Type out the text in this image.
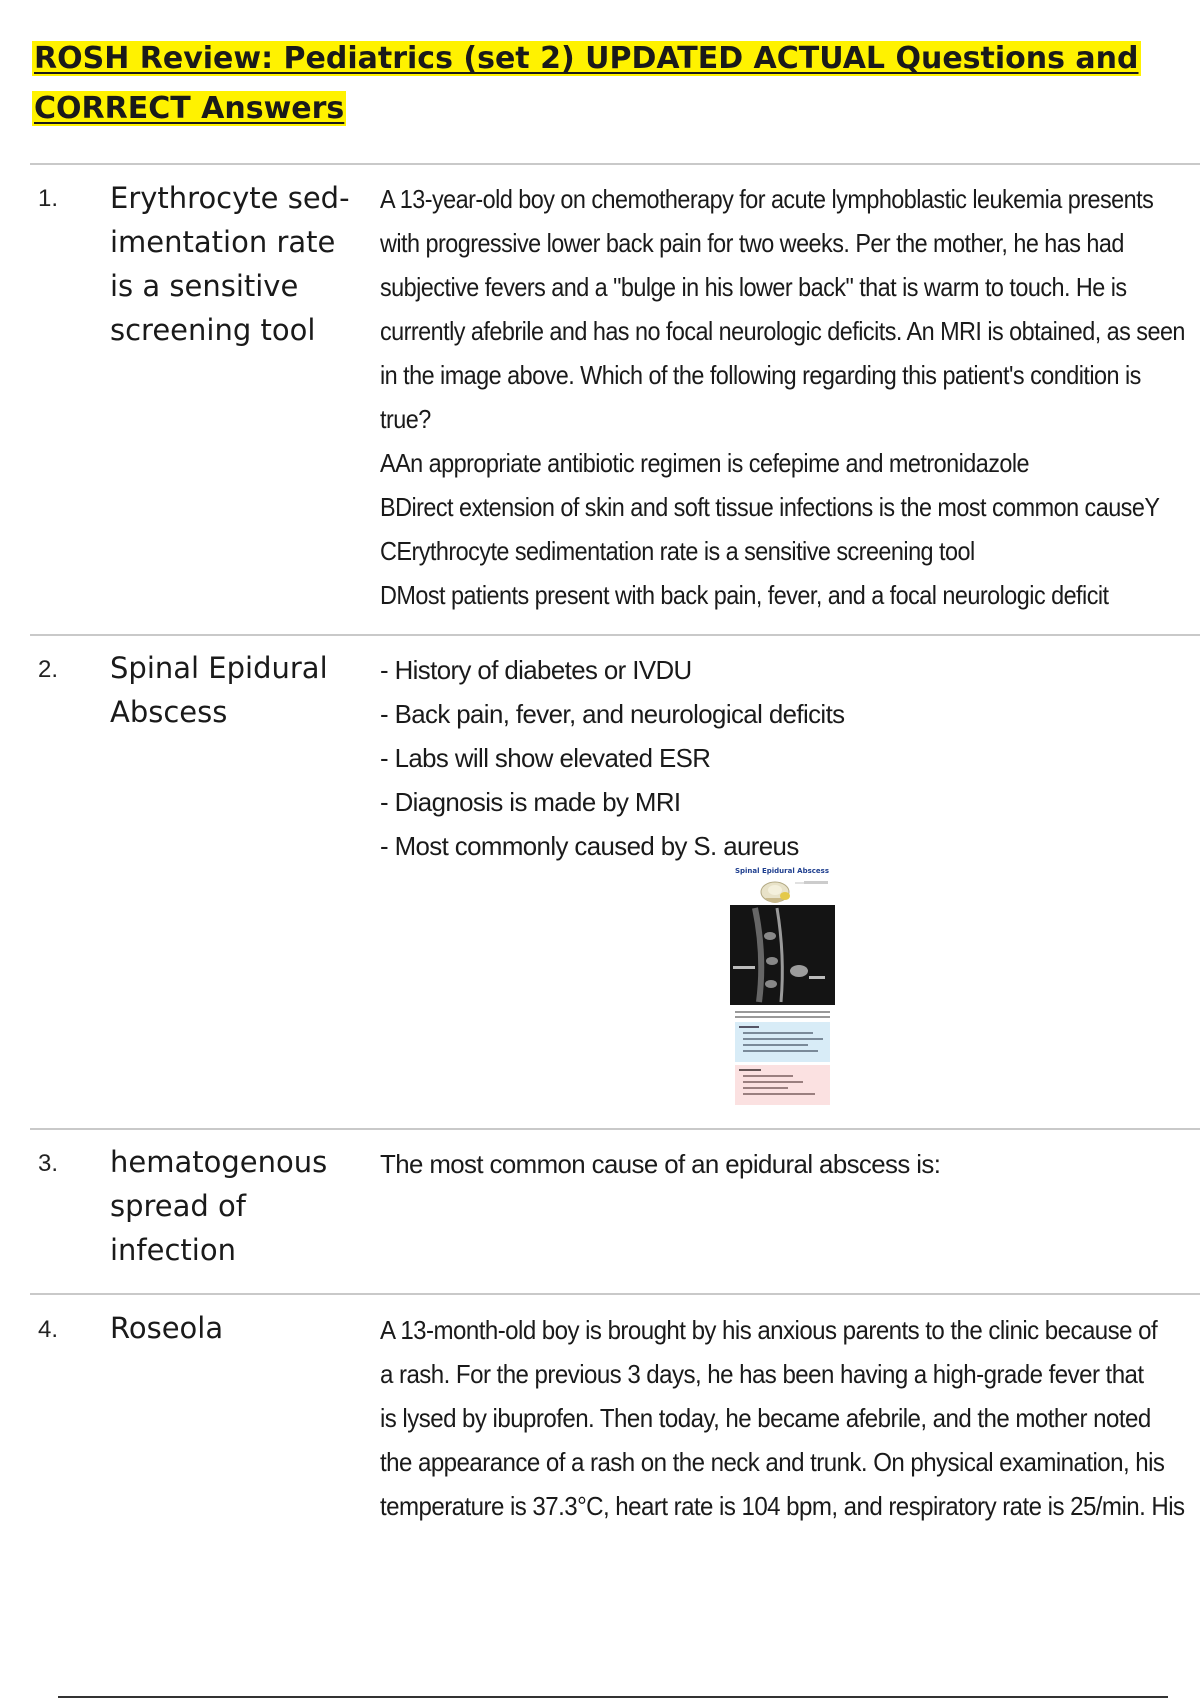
ROSH Review: Pediatrics (set 2) UPDATED ACTUAL Questions and CORRECT Answers
1. Erythrocyte sed-
imentation rate
is a sensitive
screening tool
A 13-year-old boy on chemotherapy for acute lymphoblastic leukemia presents
with progressive lower back pain for two weeks. Per the mother, he has had
subjective fevers and a "bulge in his lower back" that is warm to touch. He is
currently afebrile and has no focal neurologic deficits. An MRI is obtained, as seen
in the image above. Which of the following regarding this patient's condition is
true?
AAn appropriate antibiotic regimen is cefepime and metronidazole
BDirect extension of skin and soft tissue infections is the most common causeY
CErythrocyte sedimentation rate is a sensitive screening tool
DMost patients present with back pain, fever, and a focal neurologic deficit
2. Spinal Epidural
Abscess
- History of diabetes or IVDU
- Back pain, fever, and neurological deficits
- Labs will show elevated ESR
- Diagnosis is made by MRI
- Most commonly caused by S. aureus
Spinal Epidural Abscess
3. hematogenous
spread of
infection
The most common cause of an epidural abscess is:
4. Roseola	A 13-month-old boy is brought by his anxious parents to the clinic because of
a rash. For the previous 3 days, he has been having a high-grade fever that
is lysed by ibuprofen. Then today, he became afebrile, and the mother noted
the appearance of a rash on the neck and trunk. On physical examination, his
temperature is 37.3°C, heart rate is 104 bpm, and respiratory rate is 25/min. His
